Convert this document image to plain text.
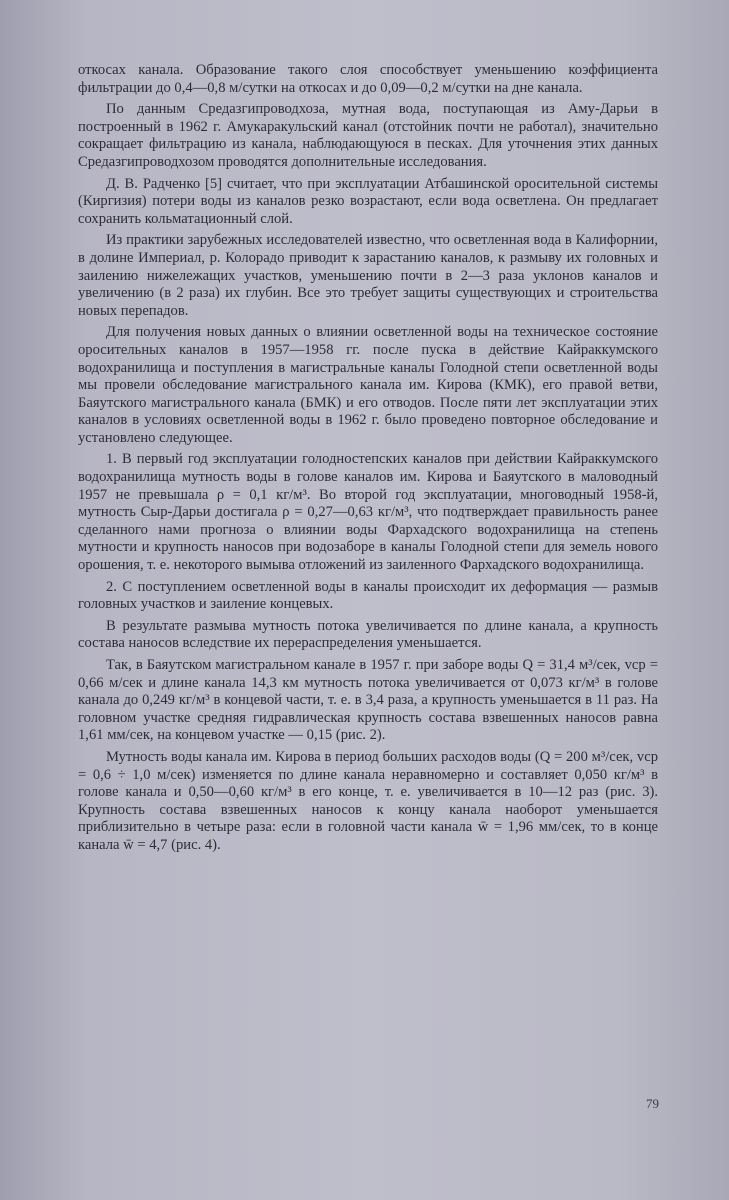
откосах канала. Образование такого слоя способствует уменьшению коэффициента фильтрации до 0,4—0,8 м/сутки на откосах и до 0,09—0,2 м/сутки на дне канала.

По данным Средазгипроводхоза, мутная вода, поступающая из Аму-Дарьи в построенный в 1962 г. Амукаракульский канал (отстойник почти не работал), значительно сокращает фильтрацию из канала, наблюдающуюся в песках. Для уточнения этих данных Средазгипроводхозом проводятся дополнительные исследования.

Д. В. Радченко [5] считает, что при эксплуатации Атбашинской оросительной системы (Киргизия) потери воды из каналов резко возрастают, если вода осветлена. Он предлагает сохранить кольматационный слой.

Из практики зарубежных исследователей известно, что осветленная вода в Калифорнии, в долине Империал, р. Колорадо приводит к зарастанию каналов, к размыву их головных и заилению нижележащих участков, уменьшению почти в 2—3 раза уклонов каналов и увеличению (в 2 раза) их глубин. Все это требует защиты существующих и строительства новых перепадов.

Для получения новых данных о влиянии осветленной воды на техническое состояние оросительных каналов в 1957—1958 гг. после пуска в действие Кайраккумского водохранилища и поступления в магистральные каналы Голодной степи осветленной воды мы провели обследование магистрального канала им. Кирова (КМК), его правой ветви, Баяутского магистрального канала (БМК) и его отводов. После пяти лет эксплуатации этих каналов в условиях осветленной воды в 1962 г. было проведено повторное обследование и установлено следующее.

1. В первый год эксплуатации голодностепских каналов при действии Кайраккумского водохранилища мутность воды в голове каналов им. Кирова и Баяутского в маловодный 1957 не превышала ρ = 0,1 кг/м³. Во второй год эксплуатации, многоводный 1958-й, мутность Сыр-Дарьи достигала ρ = 0,27—0,63 кг/м³, что подтверждает правильность ранее сделанного нами прогноза о влиянии воды Фархадского водохранилища на степень мутности и крупность наносов при водозаборе в каналы Голодной степи для земель нового орошения, т. е. некоторого вымыва отложений из заиленного Фархадского водохранилища.

2. С поступлением осветленной воды в каналы происходит их деформация — размыв головных участков и заиление концевых.

В результате размыва мутность потока увеличивается по длине канала, а крупность состава наносов вследствие их перераспределения уменьшается.

Так, в Баяутском магистральном канале в 1957 г. при заборе воды Q = 31,4 м³/сек, vср = 0,66 м/сек и длине канала 14,3 км мутность потока увеличивается от 0,073 кг/м³ в голове канала до 0,249 кг/м³ в концевой части, т. е. в 3,4 раза, а крупность уменьшается в 11 раз. На головном участке средняя гидравлическая крупность состава взвешенных наносов равна 1,61 мм/сек, на концевом участке — 0,15 (рис. 2).

Мутность воды канала им. Кирова в период больших расходов воды (Q = 200 м³/сек, vср = 0,6 ÷ 1,0 м/сек) изменяется по длине канала неравномерно и составляет 0,050 кг/м³ в голове канала и 0,50—0,60 кг/м³ в его конце, т. е. увеличивается в 10—12 раз (рис. 3). Крупность состава взвешенных наносов к концу канала наоборот уменьшается приблизительно в четыре раза: если в головной части канала w̄ = 1,96 мм/сек, то в конце канала w̄ = 4,7 (рис. 4).

79
